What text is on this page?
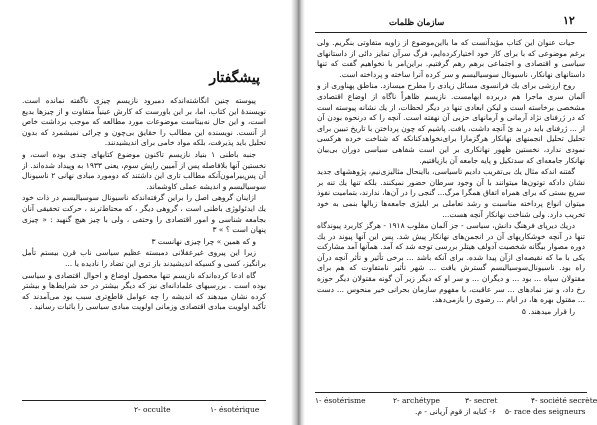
پیشگفتار

پیوسته چنین انگاشته‌اندکه دمبرود نازیسم چیزی ناگفته نمانده است. نویسندۀ این کتاب، اما، بر این باورست که کارش عینیاً متفاوت و از چیزها بدیع است، و این حال نه‌بیتاست موضوعات مورد مطالعه که موجب برداشت خاص از آنست. نویسنده این مطالب را حقایق بی‌چون و چرائی نمیشمرد که بدون تحلیل باید پذیرفت، بلکه مواد خامی برای اندیشیدنند.

جنبه باطنی ۱ بنیاد نازیسم تاکنون موضوع کتابهای چندی بوده است، و نخستین آنها بلافاصله پس از آمیین راپش سوم، یعنی ۱۹۳۳ به وپیداد شده‌اند. از آن پس‌بیرامون‌آنکه مطالب تاری این داشتند که دومورد مبادی نهانی ۲ ناسیونال سوسیالیسم و اندیشه عملی کاوشماند.

ازاینان گروهی اصل را براین گرفته‌اندکه ناسیونال سوسیالیسم در ذات خود یك ایدئولوژی باطنی است ، گروهی دیگر ، که محتاط‌ترند ، حرکت تحقیقی آنان بجامعه شناسی و امور اقتصادی را وحتفی ، ولی با چیز هیچ گنهید : « چیزی پنهان است ؟ » ۳

و که همین » چرا چیزی نهانست ۳

زیرا این پیروی غیرعقلانی دمبسته عظیم سیاسی ناب قرن بیستم تأمل برانگیز، کسی و کسیکه اندیشیدند باز تری این تضاد را نادیده یا ...

گاه ادعا کرده‌اندکه نازیسم تنها محصول اوضاع و احوال اقتصادی و سیاسی بوده است . بررسیهای علما‌دانه‌ای نیز که دیگر بیشتر در حد شرایط‌ها و بیشتر کرده نشان میدهند که‌ اندیشه را چه عوامل قاطع‌تری سبب بود می‌آمدند که تأکید اولویت مبادی اقتصادی وزمانی اولویت مبادی سیاسی را باثبات رسانید .

۱- ésotérique
۲- occulte
۱۲
سازمان ظلمات

حیات عنوان این کتاب مؤیدآنست که ما بااین‌موضوع از زاویه متفاوتی بنگریم. ولی برغم موضوعی که با برای کار خود اختیارکرده‌ایم، فرگ سرآن تمایز دائی از داستانهای سیاسی و اقتصادی و اجتماعی برهم رهم گرفتیم. براین‌امر با نخواهیم گفت که تنها داستانهای نهانکار، ناسیونال سوسیالیسم و سر کرده آنرا ساخته و پرداخته است.

روح ارزشی برای یك فرانسوی مسائل زیادی را مطرح میسازد. مناطق پهناوری از و آلمان سری ماجرا هم دربرده ابهامست. نازیسم ظاهراً ناگاه از اوضاع اقتصادی مشخصی برخاسته است و لیکن ابعادی تنها در دیگر لحظات، از یك نشانه پیوسته است که در ژرفنای نژاد آرمانی و آرمانهای حزبی آن نهفته است. آنچه را که درنحوه بودن آن از ... ژرفنای باید در بد ئ آنچه داشت، یافت. پاشیم که چون پرداختن با تاریخ تبیین برای تحلیل تحلیل انجمنهای نهانکار هرگزمارا برای‌نخواهدکنانکه که شناخت خرده هرکسی نمودی ندارد، نخستین ظهور نهانکاری بر این است شفاهی سیاسی دوران بی‌بیان نهانکار جامعه‌ای که سدتکیل و پایه جامعه آن بازیافتیم.

گفتنه اندکه مثال یك بی‌تقریب دادیم تاسیاسی، بااینحال مثالیزی‌نیم، پژوهشهای جدید نشان دادکه توتون‌ها میتوانند با آن وجود سرطان حضور نمیکنند. بلکه تنها یك تنه بر سریع بستی که برای همراه اتفاق همگرا مرگ... گنجی را در آن‌ها، ندارند، بتمامیت نفوذ میتوان انواع پرداخته مناسبت و رشد تعاملی بر ایلیژی جامعه‌ها زبالها بنمی به خود تخریب دارد. ولی شناخت نهانکار آنچه هست...

دریك دیرپای فرهنگ دانش، سیاسی - جز آلمان مقلوب ۱۹۱۸ - هرگز کاربرد پیوندگاه تنها در آنچه خوشکاریهای آن در انجمن‌های نهانکار پیش شد. پس این آنها پیوند در یك دوره مصوار بیگانه شخصیت آدولف هیتلر بررسی توجه شد که آمد. همآنها آمد مشارکت یکی با ما که نقیصه‌ای ازآن پیدا شده. برای آنکه باشد ... برخی تأثیر و تأثر آنچه درآن راه بود. ناسیونال‌سوسیالیسم گسترش یافت ... شهر تأثیر نامتفاوت که هم برای مقتولان سپاه ... بود ... و دیگران ... و سر او که دیگر زیر آن گونه مقتولان دیگر حوزه رخ داد، و نیز نمادهای ... سر عاقبت، با مفهوم سازمان بحرانی خیر منحوس ... دست ... مقتول بهره ها، در ایام ... رضوی را بازمی‌دهد.

را قرار میدهند. ۵

۴- société secrète
۳- secret
۲- archétype
۱- ésotérisme
۵- race des seigneurs
۶- کنایه از قوم آریانی - م.
